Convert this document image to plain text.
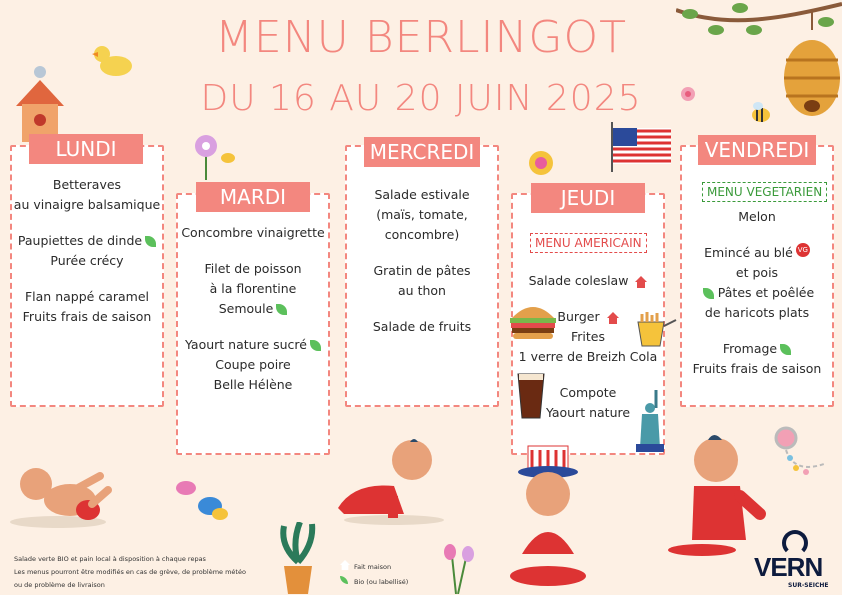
MENU BERLINGOT
DU 16 AU 20 JUIN 2025
Betteraves
au vinaigre balsamique
Paupiettes de dinde
Purée crécy
Flan nappé caramel
Fruits frais de saison
LUNDI
Concombre vinaigrette
Filet de poisson
à la florentine
Semoule
Yaourt nature sucré
Coupe poire
Belle Hélène
MARDI	Salade estivale
(maïs, tomate,
concombre)
Gratin de pâtes
au thon
Salade de fruits
MERCREDI
Salade coleslaw
Burger
Frites
1 verre de Breizh Cola
Compote
Yaourt nature
JEUDI
MENU AMERICAIN
Melon
Emincé au blé VG
et pois
Pâtes et poêlée
de haricots plats
Fromage
Fruits frais de saison
VENDREDI
MENU VEGETARIEN
Salade verte BIO et pain local à disposition à chaque repas
Les menus pourront être modifiés en cas de grève, de problème météo
ou de problème de livraison
Fait maison
Bio (ou labellisé)	VERN
SUR-SEICHE
